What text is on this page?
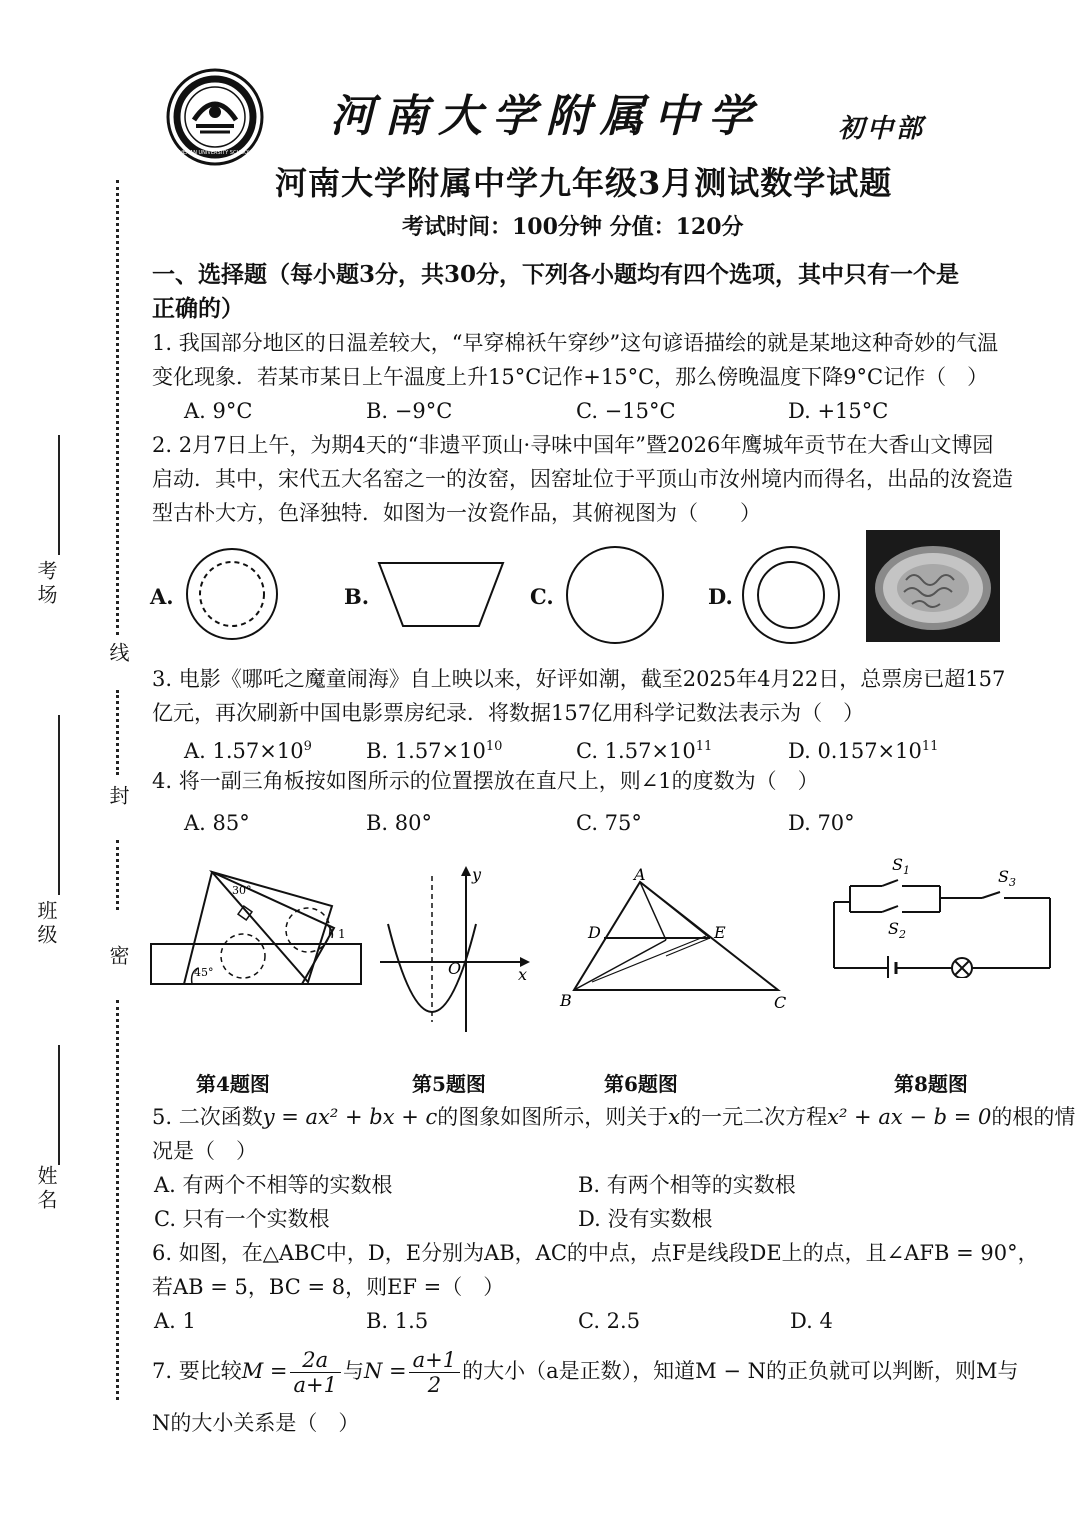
HENAN UNIVERSITY SCHOOL
河南大学附属中学	初中部
河南大学附属中学九年级3月测试数学试题
考试时间：100分钟 分值：120分
线
封
密
考场
班级
姓名
一、选择题（每小题3分，共30分，下列各小题均有四个选项，其中只有一个是
正确的）
1. 我国部分地区的日温差较大，“早穿棉袄午穿纱”这句谚语描绘的就是某地这种奇妙的气温
变化现象．若某市某日上午温度上升15°C记作+15°C，那么傍晚温度下降9°C记作（　）
A. 9°C	B. −9°C	C. −15°C	D. +15°C
2. 2月7日上午，为期4天的“非遗平顶山·寻味中国年”暨2026年鹰城年贡节在大香山文博园
启动．其中，宋代五大名窑之一的汝窑，因窑址位于平顶山市汝州境内而得名，出品的汝瓷造
型古朴大方，色泽独特．如图为一汝瓷作品，其俯视图为（　　）
A.	B.	C.	D.
3. 电影《哪吒之魔童闹海》自上映以来，好评如潮，截至2025年4月22日，总票房已超157
亿元，再次刷新中国电影票房纪录．将数据157亿用科学记数法表示为（　）
A. $1.57\times 10^9$	B. $1.57\times 10^{10}$	C. $1.57\times 10^{11}$	D. $0.157\times 10^{11}$
4. 将一副三角板按如图所示的位置摆放在直尺上，则∠1的度数为（　）
A. 85°	B. 80°	C. 75°	D. 70°
30°
45°
1
第4题图
y
x
O
第5题图
A
B	C
D	E
第6题图
$S_1$
$S_2$
$S_3$
第8题图
5. 二次函数y = ax² + bx + c的图象如图所示，则关于x的一元二次方程x² + ax − b = 0的根的情
况是（　）
A. 有两个不相等的实数根	B. 有两个相等的实数根
C. 只有一个实数根	D. 没有实数根
6. 如图，在△ABC中，D，E分别为AB，AC的中点，点F是线段DE上的点，且∠AFB = 90°，
若AB = 5，BC = 8，则EF =（　）
A. 1	B. 1.5	C. 2.5	D. 4
7. 要比较$M = \frac{2a}{a+1}$ 与$N = \frac{a+1}{2}$ 的大小（a是正数），知道M − N的正负就可以判断，则M与
N的大小关系是（　）
